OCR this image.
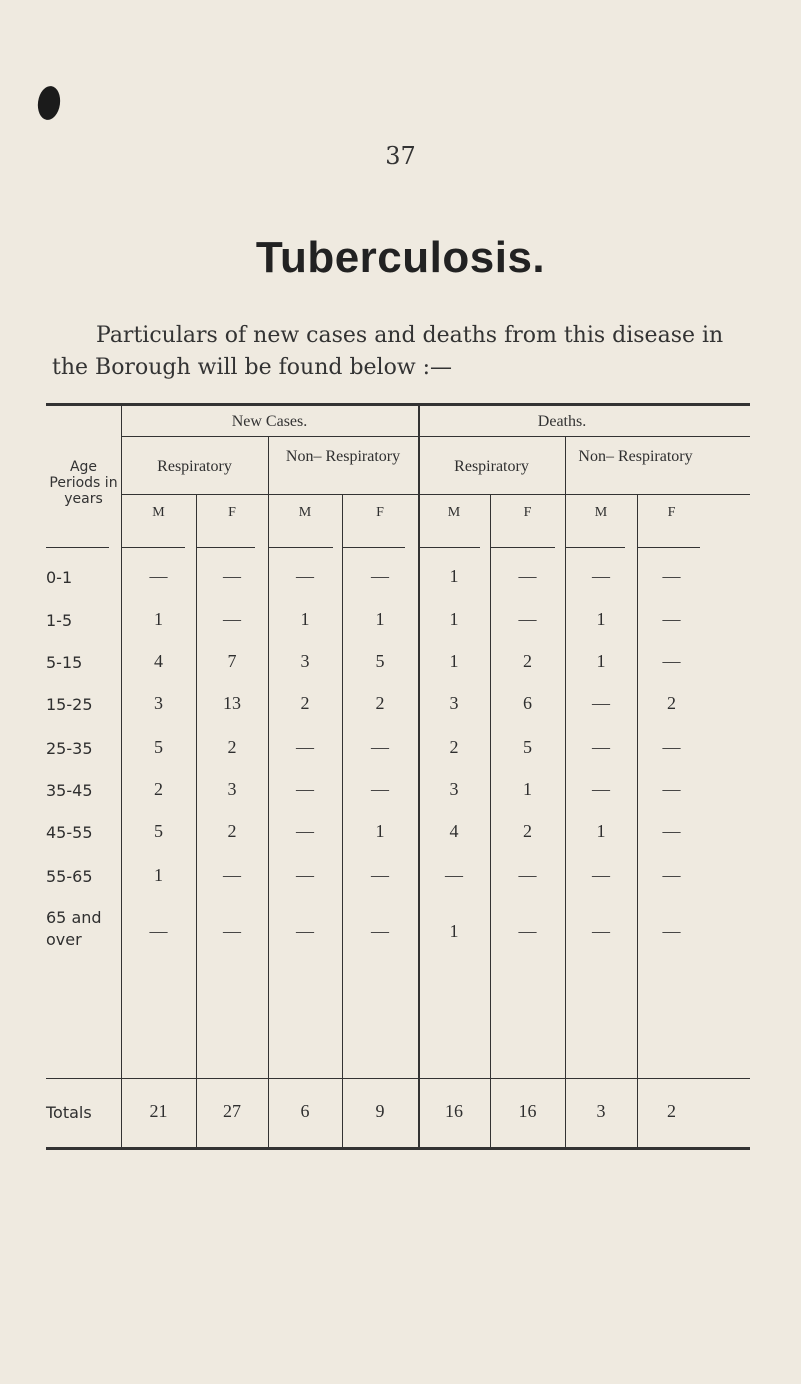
37
Tuberculosis.
Particulars of new cases and deaths from this disease in the Borough will be found below :—
New Cases.	Deaths.
Age Periods in years
Respiratory
Non– Respiratory
Respiratory
Non– Respiratory
M	F	M	F	M	F	M	F
0-1	—	—	—	—	1	—	—	—
1-5	1	—	1	1	1	—	1	—
5-15	4	7	3	5	1	2	1	—
15-25	3	13	2	2	3	6	—	2
25-35	5	2	—	—	2	5	—	—
35-45	2	3	—	—	3	1	—	—
45-55	5	2	—	1	4	2	1	—
55-65	1	—	—	—	—	—	—	—
65 and over	—	—	—	—	1	—	—	—
Totals	21	27	6	9	16	16	3	2
